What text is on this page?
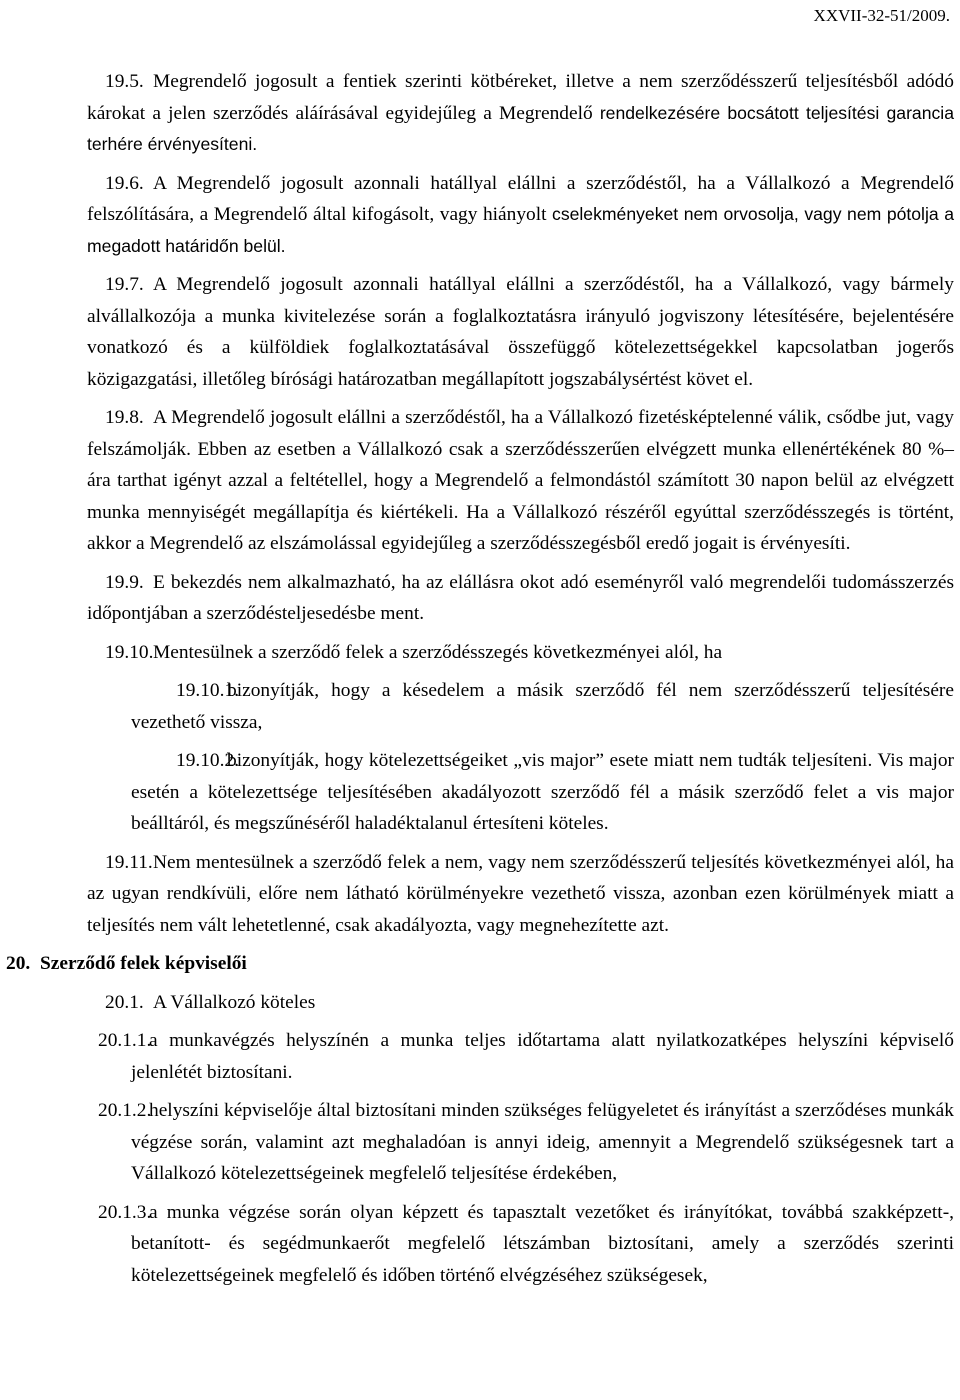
XXVII-32-51/2009.
19.5. Megrendelő jogosult a fentiek szerinti kötbéreket, illetve a nem szerződésszerű teljesítésből adódó károkat a jelen szerződés aláírásával egyidejűleg a Megrendelő rendelkezésére bocsátott teljesítési garancia terhére érvényesíteni.
19.6. A Megrendelő jogosult azonnali hatállyal elállni a szerződéstől, ha a Vállalkozó a Megrendelő felszólítására, a Megrendelő által kifogásolt, vagy hiányolt cselekményeket nem orvosolja, vagy nem pótolja a megadott határidőn belül.
19.7. A Megrendelő jogosult azonnali hatállyal elállni a szerződéstől, ha a Vállalkozó, vagy bármely alvállalkozója a munka kivitelezése során a foglalkoztatásra irányuló jogviszony létesítésére, bejelentésére vonatkozó és a külföldiek foglalkoztatásával összefüggő kötelezettségekkel kapcsolatban jogerős közigazgatási, illetőleg bírósági határozatban megállapított jogszabálysértést követ el.
19.8. A Megrendelő jogosult elállni a szerződéstől, ha a Vállalkozó fizetésképtelenné válik, csődbe jut, vagy felszámolják. Ebben az esetben a Vállalkozó csak a szerződésszerűen elvégzett munka ellenértékének 80 %–ára tarthat igényt azzal a feltétellel, hogy a Megrendelő a felmondástól számított 30 napon belül az elvégzett munka mennyiségét megállapítja és kiértékeli. Ha a Vállalkozó részéről egyúttal szerződésszegés is történt, akkor a Megrendelő az elszámolással egyidejűleg a szerződésszegésből eredő jogait is érvényesíti.
19.9. E bekezdés nem alkalmazható, ha az elállásra okot adó eseményről való megrendelői tudomásszerzés időpontjában a szerződésteljesedésbe ment.
19.10. Mentesülnek a szerződő felek a szerződésszegés következményei alól, ha
19.10.1.
bizonyítják, hogy a késedelem a másik szerződő fél nem szerződésszerű teljesítésére vezethető vissza,
19.10.2.
bizonyítják, hogy kötelezettségeiket „vis major” esete miatt nem tudták teljesíteni. Vis major esetén a kötelezettsége teljesítésében akadályozott szerződő fél a másik szerződő felet a vis major beálltáról, és megszűnéséről haladéktalanul értesíteni köteles.
19.11. Nem mentesülnek a szerződő felek a nem, vagy nem szerződésszerű teljesítés következményei alól, ha az ugyan rendkívüli, előre nem látható körülményekre vezethető vissza, azonban ezen körülmények miatt a teljesítés nem vált lehetetlenné, csak akadályozta, vagy megnehezítette azt.
20. Szerződő felek képviselői
20.1. A Vállalkozó köteles
20.1.1.
a munkavégzés helyszínén a munka teljes időtartama alatt nyilatkozatképes helyszíni képviselő jelenlétét biztosítani.
20.1.2.
helyszíni képviselője által biztosítani minden szükséges felügyeletet és irányítást a szerződéses munkák végzése során, valamint azt meghaladóan is annyi ideig, amennyit a Megrendelő szükségesnek tart a Vállalkozó kötelezettségeinek megfelelő teljesítése érdekében,
20.1.3.
a munka végzése során olyan képzett és tapasztalt vezetőket és irányítókat, továbbá szakképzett-, betanított- és segédmunkaerőt megfelelő létszámban biztosítani, amely a szerződés szerinti kötelezettségeinek megfelelő és időben történő elvégzéséhez szükségesek,
